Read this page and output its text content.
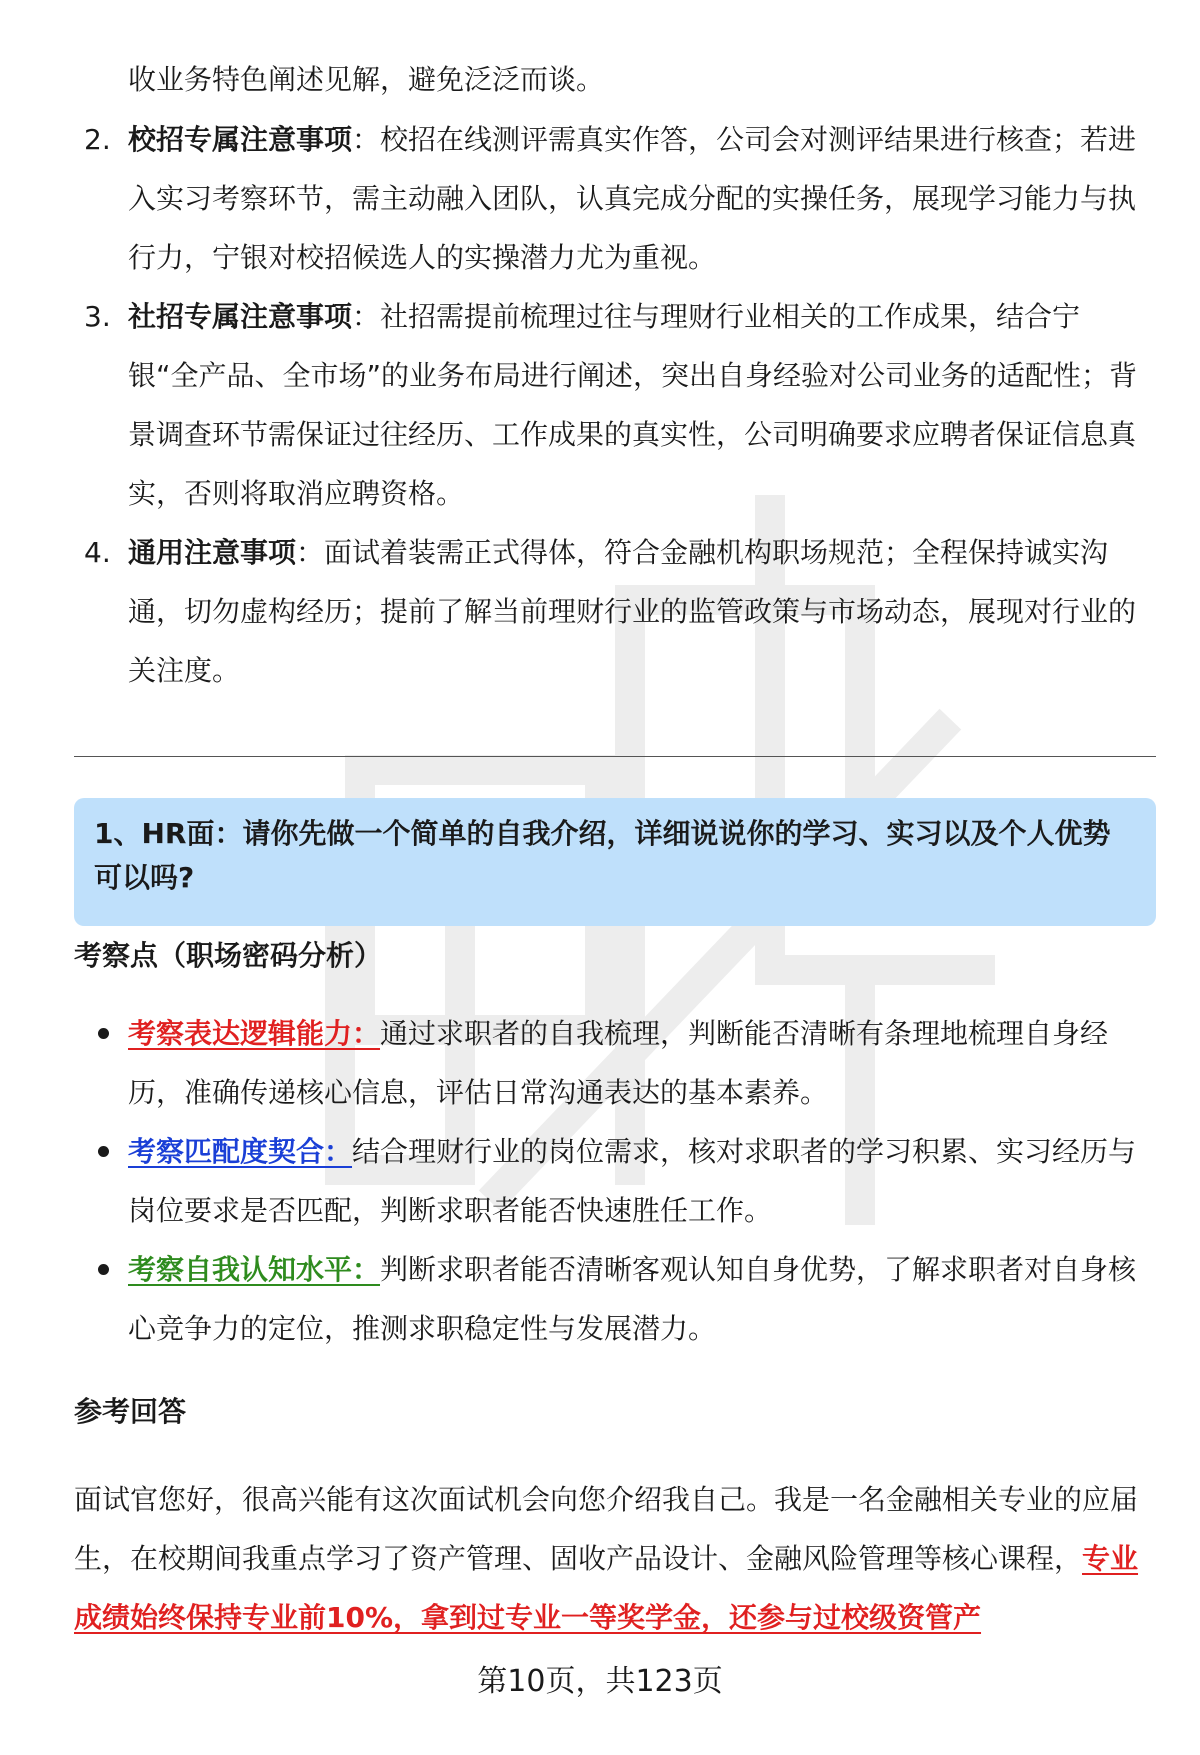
收业务特色阐述见解，避免泛泛而谈。

2. 校招专属注意事项：校招在线测评需真实作答，公司会对测评结果进行核查；若进入实习考察环节，需主动融入团队，认真完成分配的实操任务，展现学习能力与执行力，宁银对校招候选人的实操潜力尤为重视。
3. 社招专属注意事项：社招需提前梳理过往与理财行业相关的工作成果，结合宁银“全产品、全市场”的业务布局进行阐述，突出自身经验对公司业务的适配性；背景调查环节需保证过往经历、工作成果的真实性，公司明确要求应聘者保证信息真实，否则将取消应聘资格。
4. 通用注意事项：面试着装需正式得体，符合金融机构职场规范；全程保持诚实沟通，切勿虚构经历；提前了解当前理财行业的监管政策与市场动态，展现对行业的关注度。
1、HR面：请你先做一个简单的自我介绍，详细说说你的学习、实习以及个人优势可以吗?
考察点（职场密码分析）
考察表达逻辑能力：通过求职者的自我梳理，判断能否清晰有条理地梳理自身经历，准确传递核心信息，评估日常沟通表达的基本素养。
考察匹配度契合：结合理财行业的岗位需求，核对求职者的学习积累、实习经历与岗位要求是否匹配，判断求职者能否快速胜任工作。
考察自我认知水平：判断求职者能否清晰客观认知自身优势，了解求职者对自身核心竞争力的定位，推测求职稳定性与发展潜力。
参考回答

面试官您好，很高兴能有这次面试机会向您介绍我自己。我是一名金融相关专业的应届生，在校期间我重点学习了资产管理、固收产品设计、金融风险管理等核心课程，专业成绩始终保持专业前10%，拿到过专业一等奖学金，还参与过校级资管产

第10页，共123页
